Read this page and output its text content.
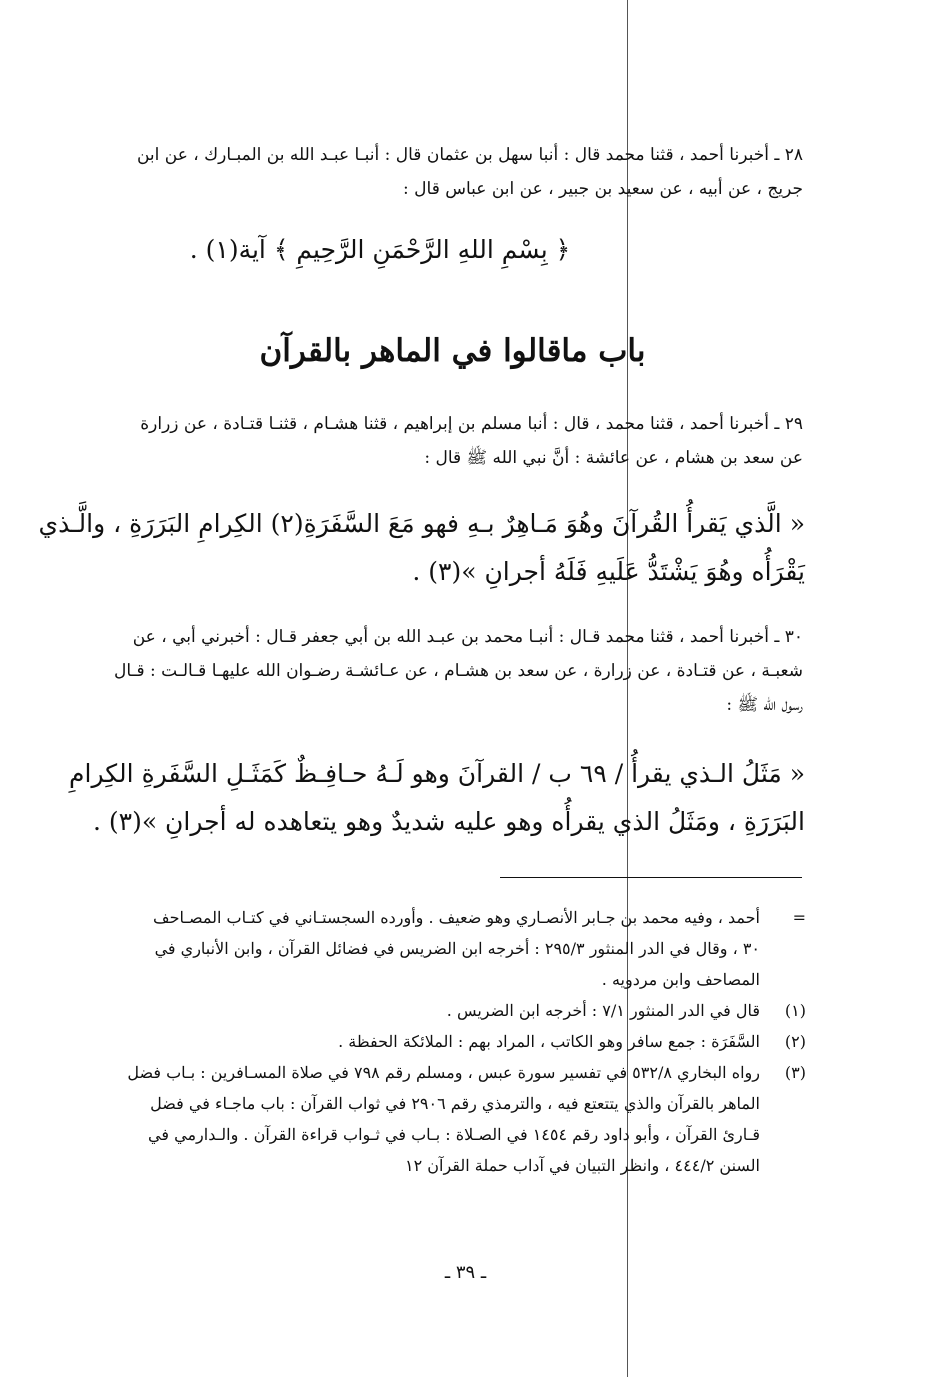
٢٨ ـ أخبرنا أحمد ، قثنا محمد قال : أنبا سهل بن عثمان قال : أنبـا عبـد الله بن المبـارك ، عن ابن
جريج ، عن أبيه ، عن سعيد بن جبير ، عن ابن عباس قال :
﴿ بِسْمِ اللهِ الرَّحْمَنِ الرَّحِيمِ ﴾ آية(١) .
باب ماقالوا في الماهر بالقرآن
٢٩ ـ أخبرنا أحمد ، قثنا محمد ، قال : أنبا مسلم بن إبراهيم ، قثنا هشـام ، قثنـا قتـادة ، عن زرارة
عن سعد بن هشام ، عن عائشة : أنَّ نبي الله ﷺ قال :
« الَّذي يَقرأُ القُرآنَ وهُوَ مَـاهِرٌ بـهِ فهو مَعَ السَّفَرَةِ(٢) الكِرامِ البَرَرَةِ ، والَّـذي
يَقْرَأُه وهُوَ يَشْتَدُّ عَلَيهِ فَلَهُ أجرانِ »(٣) .
٣٠ ـ أخبرنا أحمد ، قثنا محمد قـال : أنبـا محمد بن عبـد الله بن أبي جعفر قـال : أخبرني أبي ، عن
شعبـة ، عن قتـادة ، عن زرارة ، عن سعد بن هشـام ، عن عـائشـة رضـوان الله عليهـا قـالـت : قـال
رسول الله ﷺ :
« مَثَلُ الـذي يقرأُ / ٦٩ ب / القرآنَ وهو لَـهُ حـافِـظٌ كَمَثَـلِ السَّفَرةِ الكِرامِ
البَرَرَةِ ، ومَثَلُ الذي يقرأُه وهو عليه شديدٌ وهو يتعاهده له أجرانِ »(٣) .
=
أحمد ، وفيه محمد بن جـابر الأنصـاري وهو ضعيف . وأورده السجستـاني في كتـاب المصـاحف
٣٠ ، وقال في الدر المنثور ٢٩٥/٣ : أخرجه ابن الضريس في فضائل القرآن ، وابن الأنباري في
المصاحف وابن مردويه .
(١)
قال في الدر المنثور ٧/١ : أخرجه ابن الضريس .
(٢)
السَّفَرَة : جمع سافر وهو الكاتب ، المراد بهم : الملائكة الحفظة .
(٣)
رواه البخاري ٥٣٢/٨ في تفسير سورة عبس ، ومسلم رقم ٧٩٨ في صلاة المسـافرين : بـاب فضل
الماهر بالقرآن والذي يتتعتع فيه ، والترمذي رقم ٢٩٠٦ في ثواب القرآن : باب ماجـاء في فضل
قـارئ القرآن ، وأبو داود رقم ١٤٥٤ في الصـلاة : بـاب في ثـواب قراءة القرآن . والـدارمي في
السنن ٤٤٤/٢ ، وانظر التبيان في آداب حملة القرآن ١٢
ـ ٣٩ ـ
